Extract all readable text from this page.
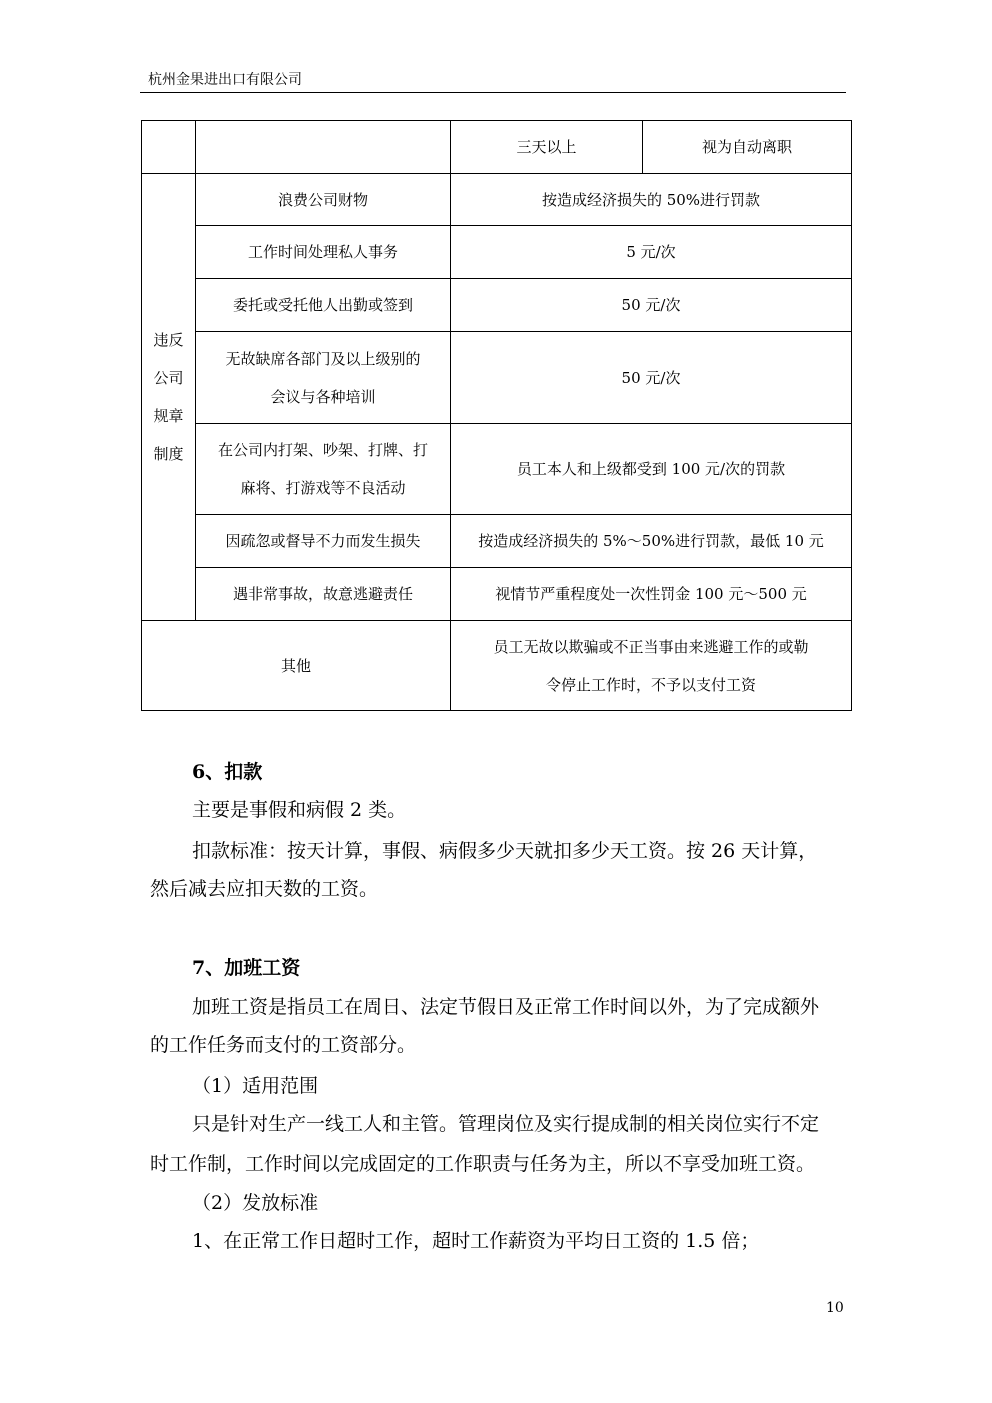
杭州金果进出口有限公司
		三天以上	视为自动离职

违反
公司
规章
制度	浪费公司财物	按造成经济损失的 50%进行罚款	
	工作时间处理私人事务	5 元/次	
	委托或受托他人出勤或签到	50 元/次	

	无故缺席各部门及以上级别的
会议与各种培训	50 元/次	

	在公司内打架、吵架、打牌、打
麻将、打游戏等不良活动	员工本人和上级都受到 100 元/次的罚款	
	因疏忽或督导不力而发生损失	按造成经济损失的 5%～50%进行罚款，最低 10 元	
	遇非常事故，故意逃避责任	视情节严重程度处一次性罚金 100 元～500 元	
其他		员工无故以欺骗或不正当事由来逃避工作的或勒
令停止工作时，不予以支付工资	
6、扣款
主要是事假和病假 2 类。
扣款标准：按天计算，事假、病假多少天就扣多少天工资。按 26 天计算，
然后减去应扣天数的工资。
7、加班工资
加班工资是指员工在周日、法定节假日及正常工作时间以外，为了完成额外
的工作任务而支付的工资部分。
（1）适用范围
只是针对生产一线工人和主管。管理岗位及实行提成制的相关岗位实行不定
时工作制，工作时间以完成固定的工作职责与任务为主，所以不享受加班工资。
（2）发放标准
1、在正常工作日超时工作，超时工作薪资为平均日工资的 1.5 倍；
10
